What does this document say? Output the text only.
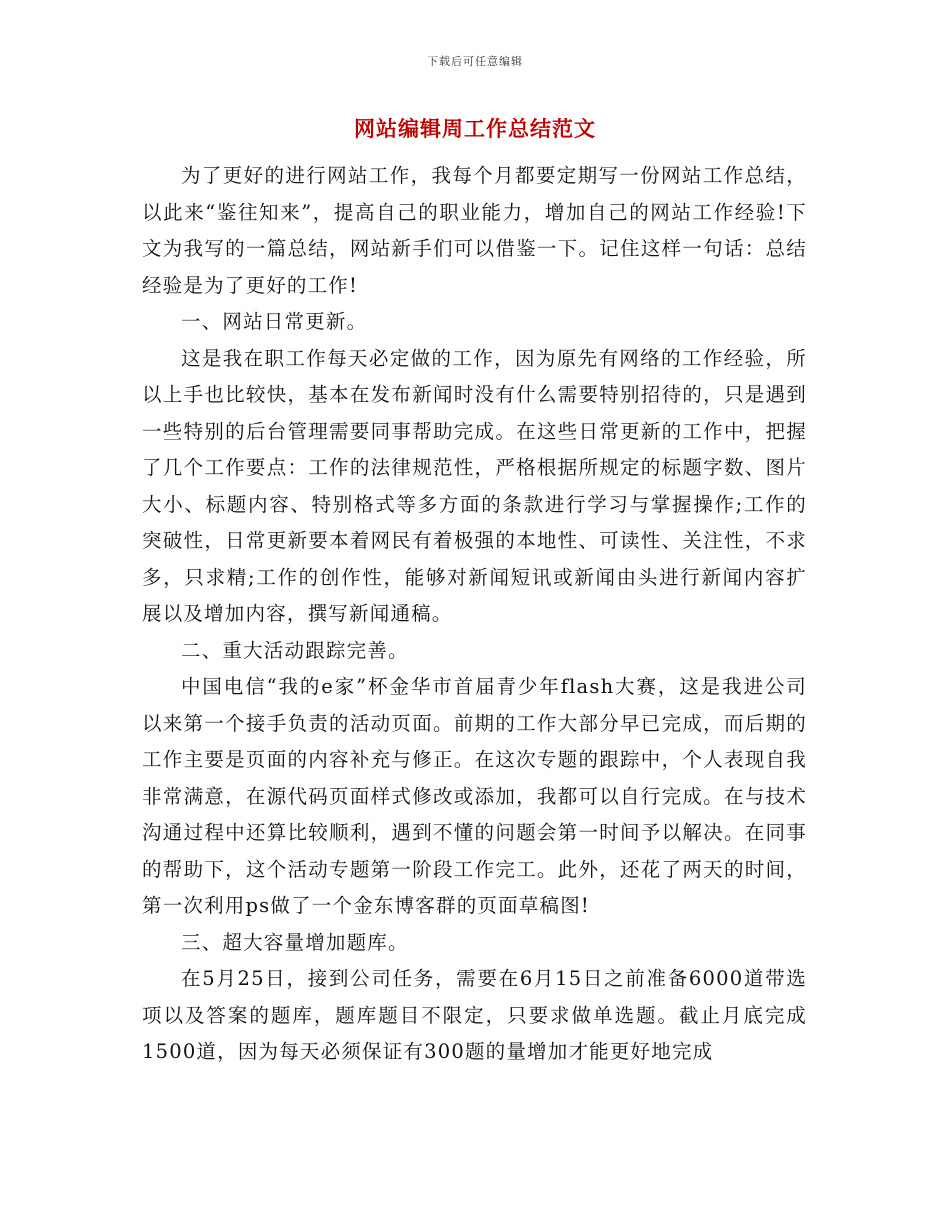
下载后可任意编辑
网站编辑周工作总结范文

为了更好的进行网站工作，我每个月都要定期写一份网站工作总结，以此来“鉴往知来”，提高自己的职业能力，增加自己的网站工作经验!下文为我写的一篇总结，网站新手们可以借鉴一下。记住这样一句话：总结经验是为了更好的工作!

一、网站日常更新。

这是我在职工作每天必定做的工作，因为原先有网络的工作经验，所以上手也比较快，基本在发布新闻时没有什么需要特别招待的，只是遇到一些特别的后台管理需要同事帮助完成。在这些日常更新的工作中，把握了几个工作要点：工作的法律规范性，严格根据所规定的标题字数、图片大小、标题内容、特别格式等多方面的条款进行学习与掌握操作;工作的突破性，日常更新要本着网民有着极强的本地性、可读性、关注性，不求多，只求精;工作的创作性，能够对新闻短讯或新闻由头进行新闻内容扩展以及增加内容，撰写新闻通稿。

二、重大活动跟踪完善。

中国电信“我的e家”杯金华市首届青少年flash大赛，这是我进公司以来第一个接手负责的活动页面。前期的工作大部分早已完成，而后期的工作主要是页面的内容补充与修正。在这次专题的跟踪中，个人表现自我非常满意，在源代码页面样式修改或添加，我都可以自行完成。在与技术沟通过程中还算比较顺利，遇到不懂的问题会第一时间予以解决。在同事的帮助下，这个活动专题第一阶段工作完工。此外，还花了两天的时间，第一次利用ps做了一个金东博客群的页面草稿图!

三、超大容量增加题库。

在5月25日，接到公司任务，需要在6月15日之前准备6000道带选项以及答案的题库，题库题目不限定，只要求做单选题。截止月底完成1500道，因为每天必须保证有300题的量增加才能更好地完成
